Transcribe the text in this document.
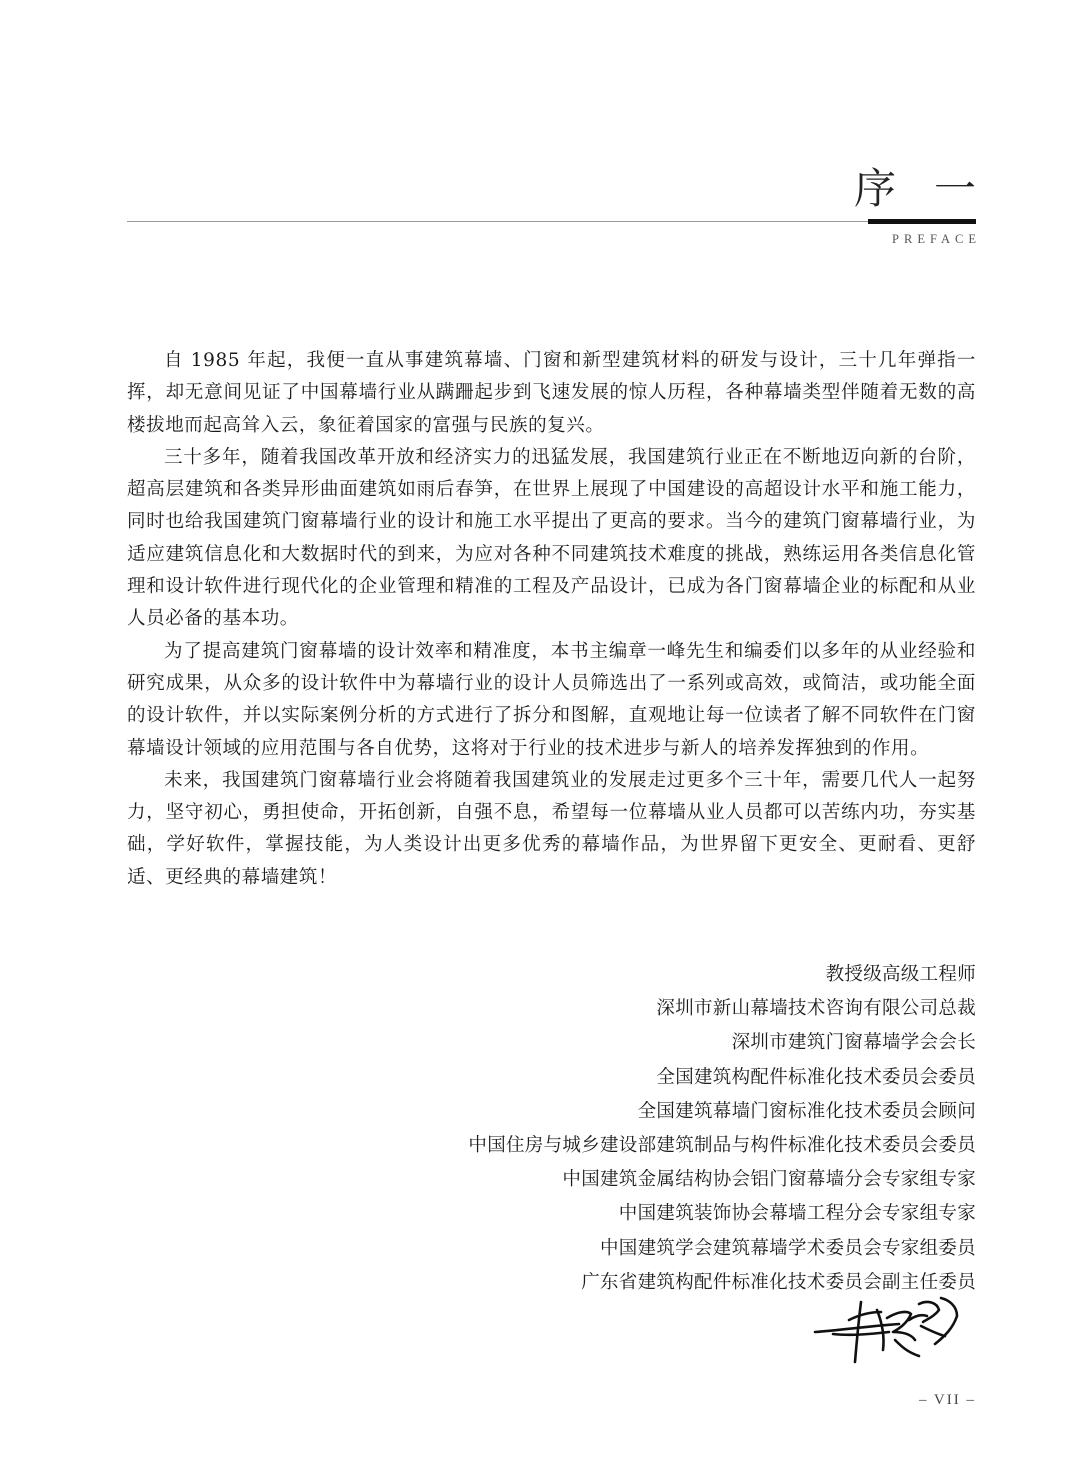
序一
PREFACE

自 1985 年起，我便一直从事建筑幕墙、门窗和新型建筑材料的研发与设计，三十几年弹指一挥，却无意间见证了中国幕墙行业从蹒跚起步到飞速发展的惊人历程，各种幕墙类型伴随着无数的高楼拔地而起高耸入云，象征着国家的富强与民族的复兴。

三十多年，随着我国改革开放和经济实力的迅猛发展，我国建筑行业正在不断地迈向新的台阶，超高层建筑和各类异形曲面建筑如雨后春笋，在世界上展现了中国建设的高超设计水平和施工能力，同时也给我国建筑门窗幕墙行业的设计和施工水平提出了更高的要求。当今的建筑门窗幕墙行业，为适应建筑信息化和大数据时代的到来，为应对各种不同建筑技术难度的挑战，熟练运用各类信息化管理和设计软件进行现代化的企业管理和精准的工程及产品设计，已成为各门窗幕墙企业的标配和从业人员必备的基本功。

为了提高建筑门窗幕墙的设计效率和精准度，本书主编章一峰先生和编委们以多年的从业经验和研究成果，从众多的设计软件中为幕墙行业的设计人员筛选出了一系列或高效，或简洁，或功能全面的设计软件，并以实际案例分析的方式进行了拆分和图解，直观地让每一位读者了解不同软件在门窗幕墙设计领域的应用范围与各自优势，这将对于行业的技术进步与新人的培养发挥独到的作用。

未来，我国建筑门窗幕墙行业会将随着我国建筑业的发展走过更多个三十年，需要几代人一起努力，坚守初心，勇担使命，开拓创新，自强不息，希望每一位幕墙从业人员都可以苦练内功，夯实基础，学好软件，掌握技能，为人类设计出更多优秀的幕墙作品，为世界留下更安全、更耐看、更舒适、更经典的幕墙建筑！

教授级高级工程师
深圳市新山幕墙技术咨询有限公司总裁
深圳市建筑门窗幕墙学会会长
全国建筑构配件标准化技术委员会委员
全国建筑幕墙门窗标准化技术委员会顾问
中国住房与城乡建设部建筑制品与构件标准化技术委员会委员
中国建筑金属结构协会铝门窗幕墙分会专家组专家
中国建筑装饰协会幕墙工程分会专家组专家
中国建筑学会建筑幕墙学术委员会专家组委员
广东省建筑构配件标准化技术委员会副主任委员
– VII –
